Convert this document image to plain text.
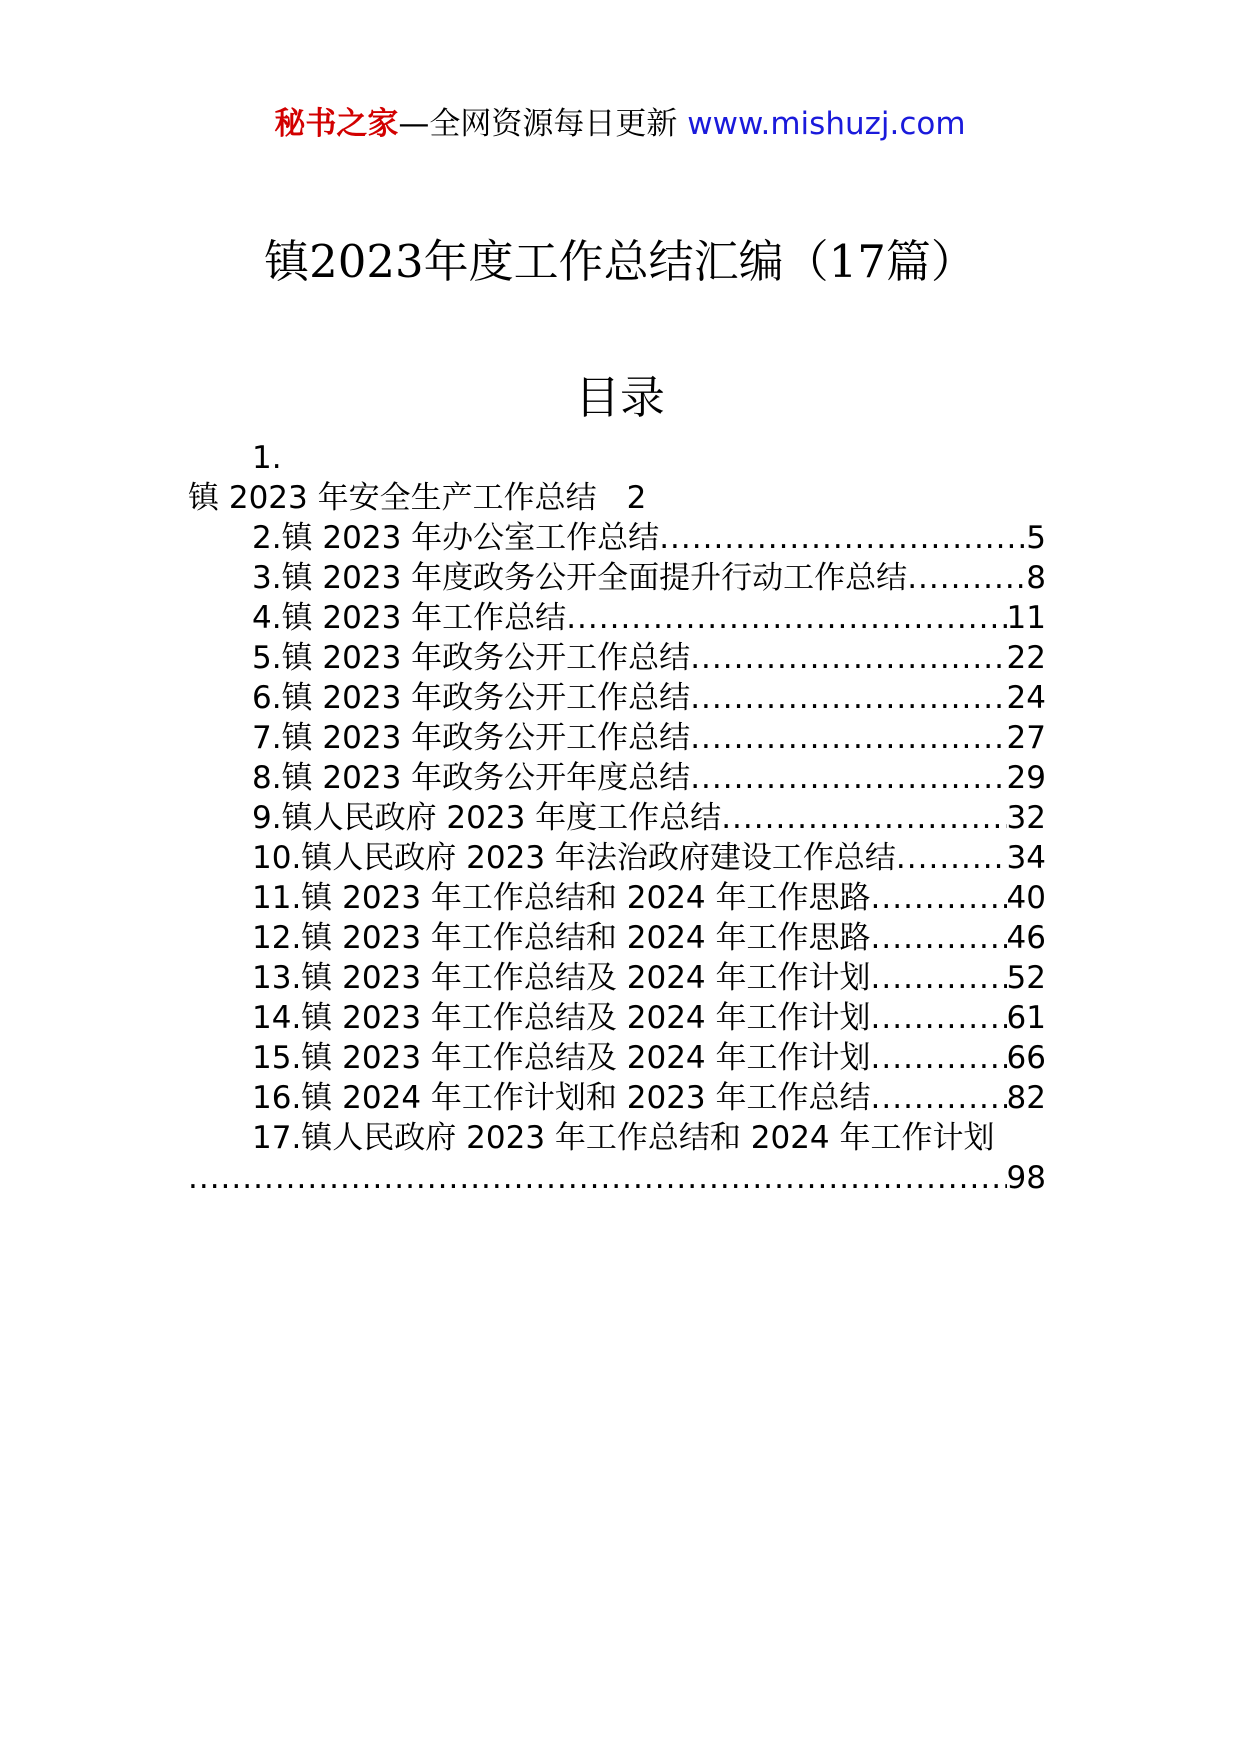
秘书之家—全网资源每日更新 www.mishuzj.com
镇2023年度工作总结汇编（17篇）
目录
1.
镇 2023 年安全生产工作总结 2
2.镇 2023 年办公室工作总结 .....	5
3.镇 2023 年度政务公开全面提升行动工作总结 .....	8
4.镇 2023 年工作总结 .....	11
5.镇 2023 年政务公开工作总结 .....	22
6.镇 2023 年政务公开工作总结 .....	24
7.镇 2023 年政务公开工作总结 .....	27
8.镇 2023 年政务公开年度总结 .....	29
9.镇人民政府 2023 年度工作总结 .....	32
10.镇人民政府 2023 年法治政府建设工作总结 .....	34
11.镇 2023 年工作总结和 2024 年工作思路 .....	40
12.镇 2023 年工作总结和 2024 年工作思路 .....	46
13.镇 2023 年工作总结及 2024 年工作计划 .....	52
14.镇 2023 年工作总结及 2024 年工作计划 .....	61
15.镇 2023 年工作总结及 2024 年工作计划 .....	66
16.镇 2024 年工作计划和 2023 年工作总结 .....	82
17.镇人民政府 2023 年工作总结和 2024 年工作计划
.....
98
